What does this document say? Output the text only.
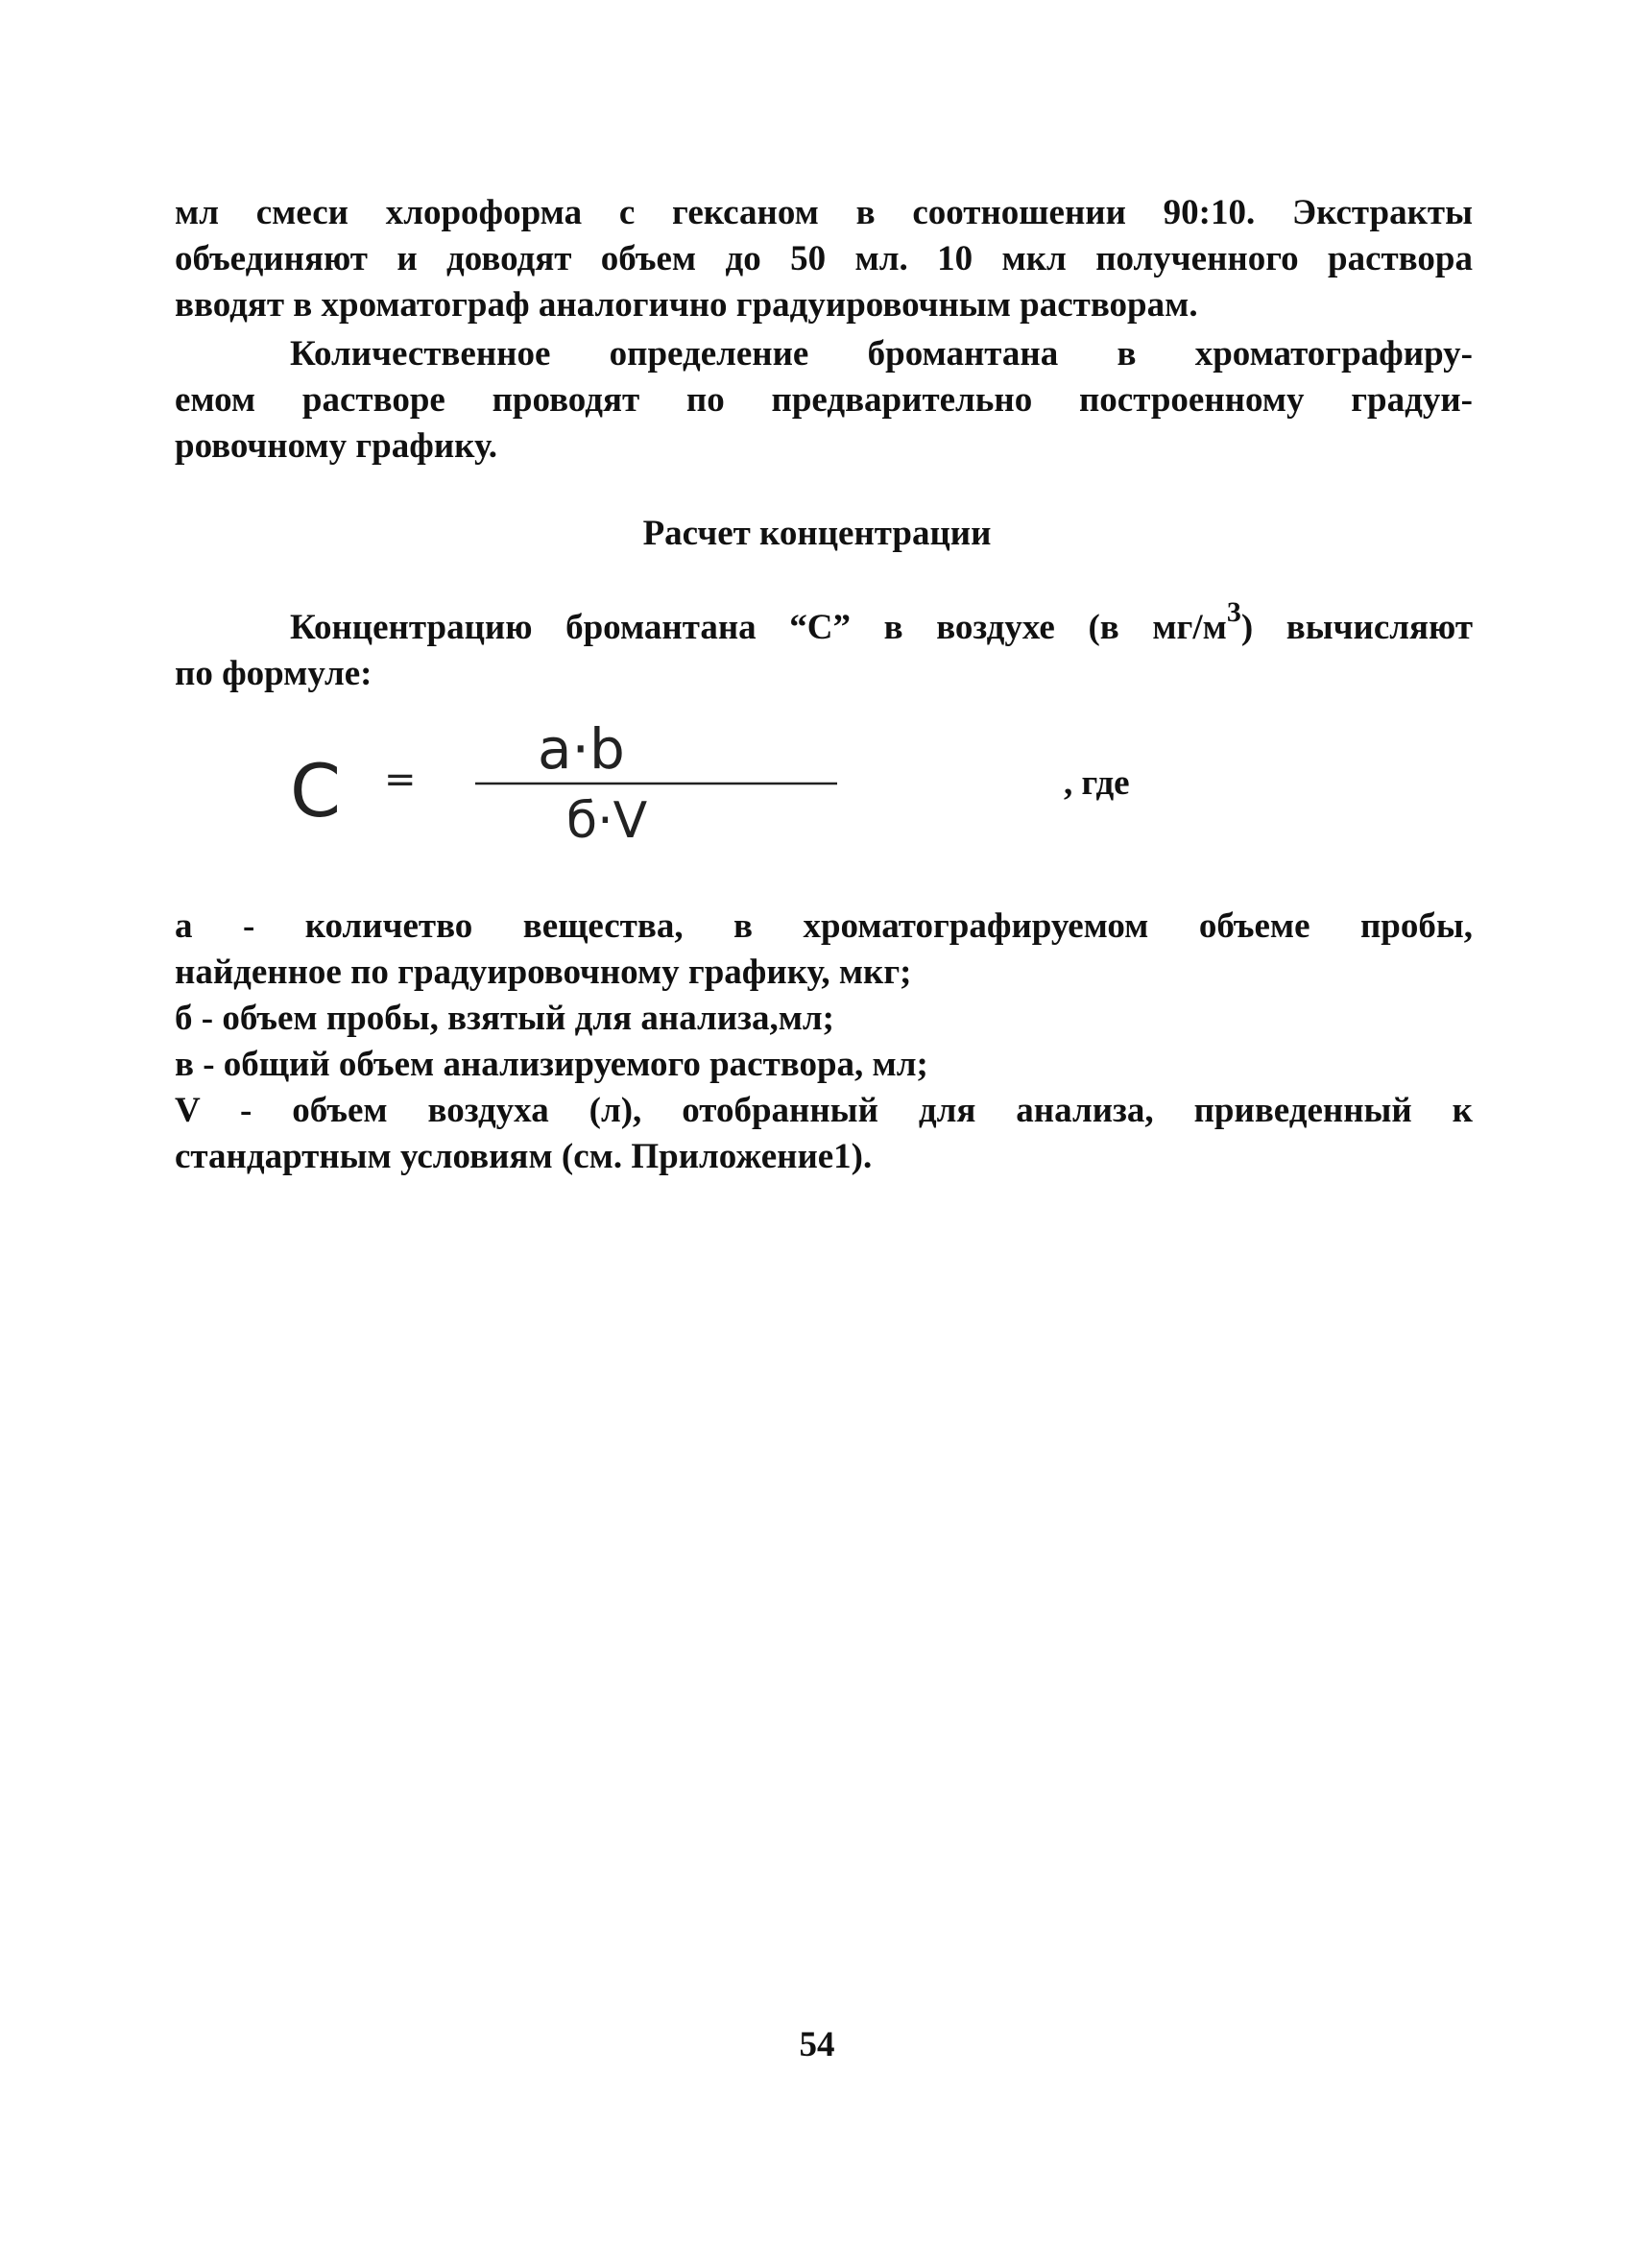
мл смеси хлороформа с гексаном в соотношении 90:10. Экстракты
объединяют и доводят объем до 50 мл. 10 мкл полученного раствора
вводят в хроматограф аналогично градуировочным растворам.
Количественное определение бромантана в хроматографиру-
емом растворе проводят по предварительно построенному градуи-
ровочному графику.
Расчет концентрации
Концентрацию бромантана “С” в воздухе (в $мг/м^3$) вычисляют
по формуле:
C = a·b
б·V
, где
а - количетво вещества, в хроматографируемом объеме пробы,
найденное по градуировочному графику, мкг;
б - объем пробы, взятый для анализа,мл;
в - общий объем анализируемого раствора, мл;
V - объем воздуха (л), отобранный для анализа, приведенный к
стандартным условиям (см. Приложение1).
54
